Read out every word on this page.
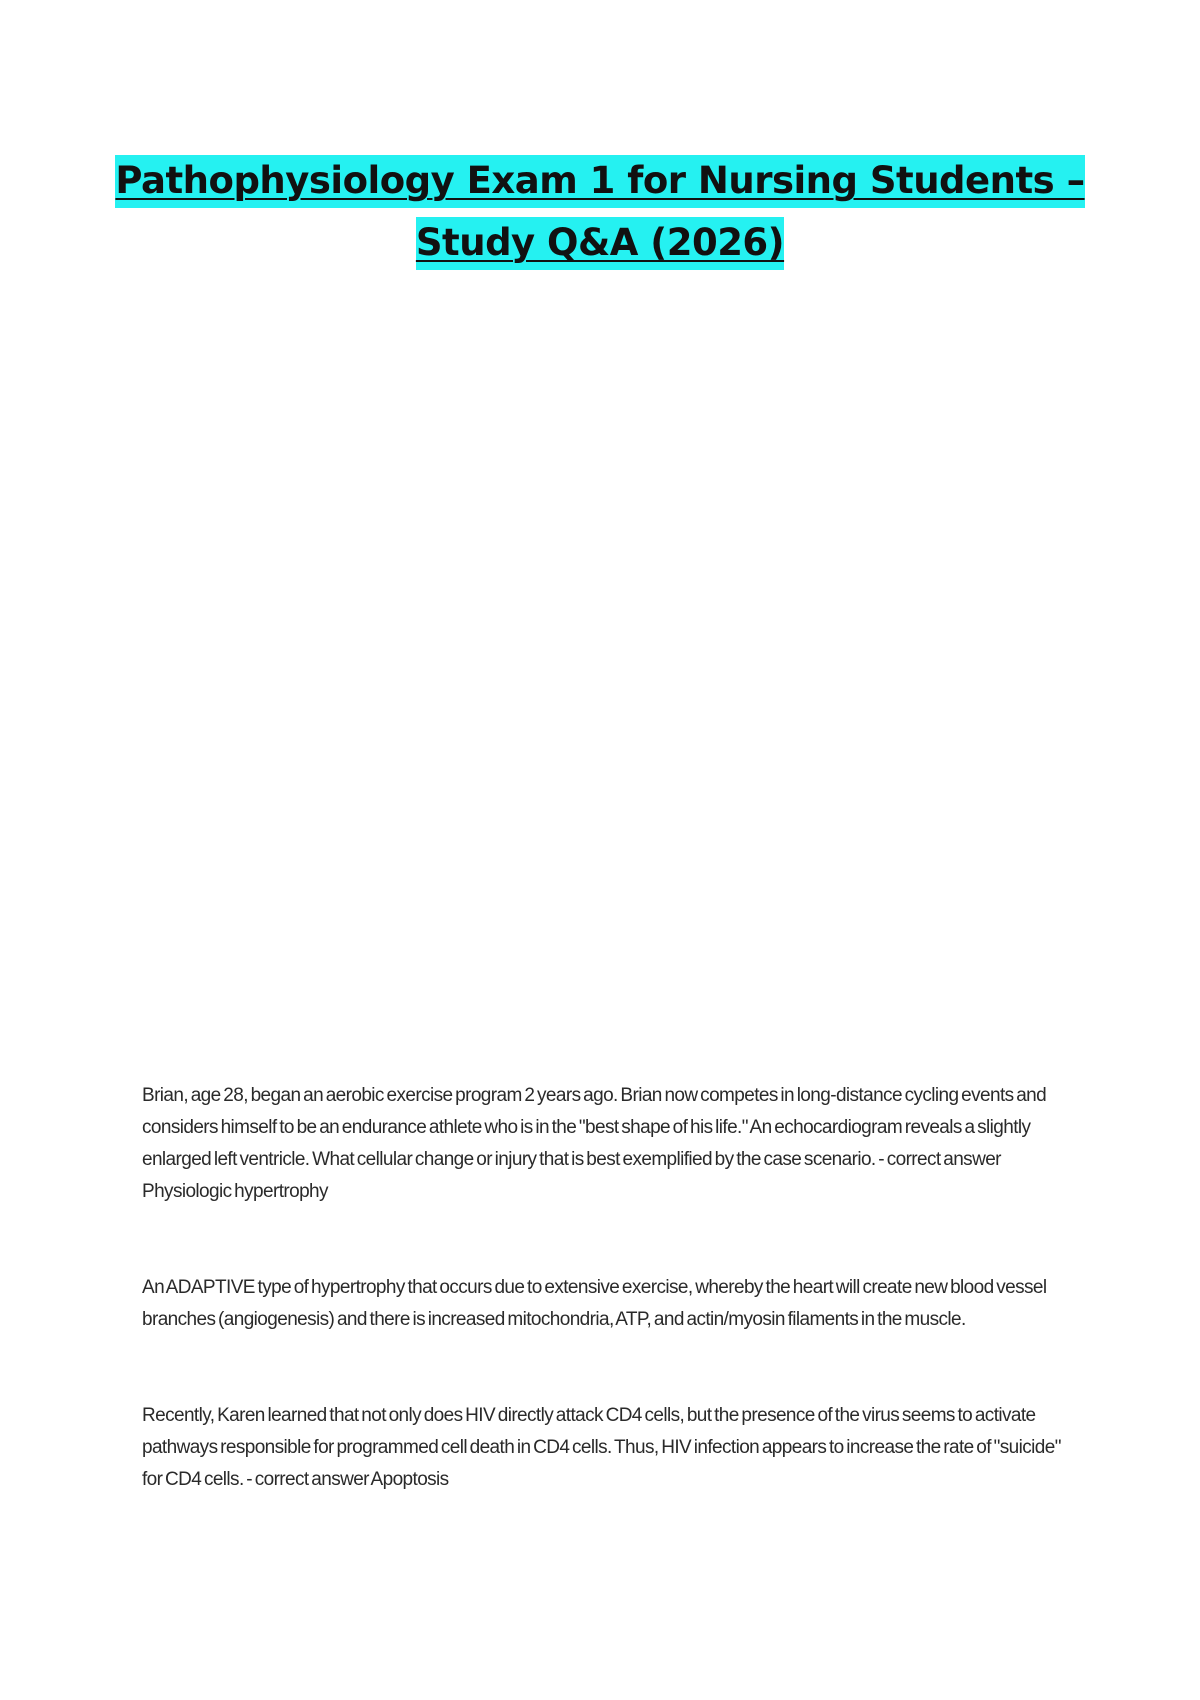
Pathophysiology Exam 1 for Nursing Students – Study Q&A (2026)

Brian, age 28, began an aerobic exercise program 2 years ago. Brian now competes in long-distance cycling events and considers himself to be an endurance athlete who is in the "best shape of his life." An echocardiogram reveals a slightly enlarged left ventricle. What cellular change or injury that is best exemplified by the case scenario. - correct answer Physiologic hypertrophy

An ADAPTIVE type of hypertrophy that occurs due to extensive exercise, whereby the heart will create new blood vessel branches (angiogenesis) and there is increased mitochondria, ATP, and actin/myosin filaments in the muscle.

Recently, Karen learned that not only does HIV directly attack CD4 cells, but the presence of the virus seems to activate pathways responsible for programmed cell death in CD4 cells. Thus, HIV infection appears to increase the rate of "suicide" for CD4 cells. - correct answer Apoptosis
